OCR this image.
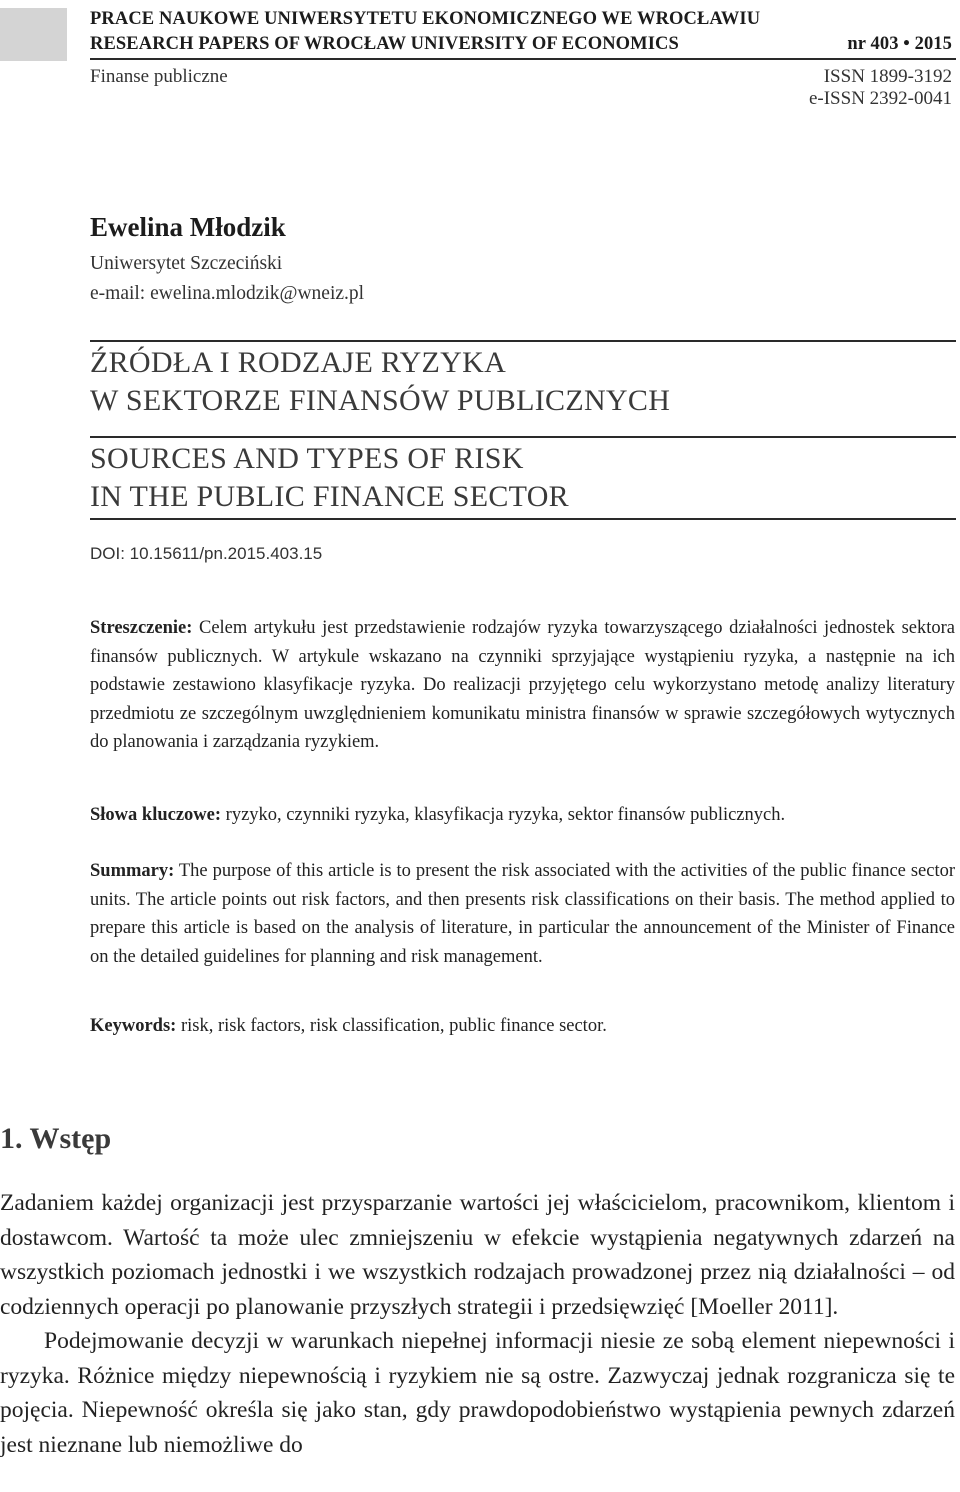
PRACE NAUKOWE UNIWERSYTETU EKONOMICZNEGO WE WROCŁAWIU
RESEARCH PAPERS OF WROCŁAW UNIVERSITY OF ECONOMICS	nr 403 • 2015
Finanse publiczne	ISSN 1899-3192
e-ISSN 2392-0041
Ewelina Młodzik
Uniwersytet Szczeciński
e-mail: ewelina.mlodzik@wneiz.pl
ŹRÓDŁA I RODZAJE RYZYKA
W SEKTORZE FINANSÓW PUBLICZNYCH
SOURCES AND TYPES OF RISK
IN THE PUBLIC FINANCE SECTOR
DOI: 10.15611/pn.2015.403.15
Streszczenie: Celem artykułu jest przedstawienie rodzajów ryzyka towarzyszącego działalności jednostek sektora finansów publicznych. W artykule wskazano na czynniki sprzyjające wystąpieniu ryzyka, a następnie na ich podstawie zestawiono klasyfikacje ryzyka. Do realizacji przyjętego celu wykorzystano metodę analizy literatury przedmiotu ze szczególnym uwzględnieniem komunikatu ministra finansów w sprawie szczegółowych wytycznych do planowania i zarządzania ryzykiem.
Słowa kluczowe: ryzyko, czynniki ryzyka, klasyfikacja ryzyka, sektor finansów publicznych.
Summary: The purpose of this article is to present the risk associated with the activities of the public finance sector units. The article points out risk factors, and then presents risk classifications on their basis. The method applied to prepare this article is based on the analysis of literature, in particular the announcement of the Minister of Finance on the detailed guidelines for planning and risk management.
Keywords: risk, risk factors, risk classification, public finance sector.
1. Wstęp

Zadaniem każdej organizacji jest przysparzanie wartości jej właścicielom, pracownikom, klientom i dostawcom. Wartość ta może ulec zmniejszeniu w efekcie wystąpienia negatywnych zdarzeń na wszystkich poziomach jednostki i we wszystkich rodzajach prowadzonej przez nią działalności – od codziennych operacji po planowanie przyszłych strategii i przedsięwzięć [Moeller 2011].

Podejmowanie decyzji w warunkach niepełnej informacji niesie ze sobą element niepewności i ryzyka. Różnice między niepewnością i ryzykiem nie są ostre. Zazwyczaj jednak rozgranicza się te pojęcia. Niepewność określa się jako stan, gdy prawdopodobieństwo wystąpienia pewnych zdarzeń jest nieznane lub niemożliwe do
